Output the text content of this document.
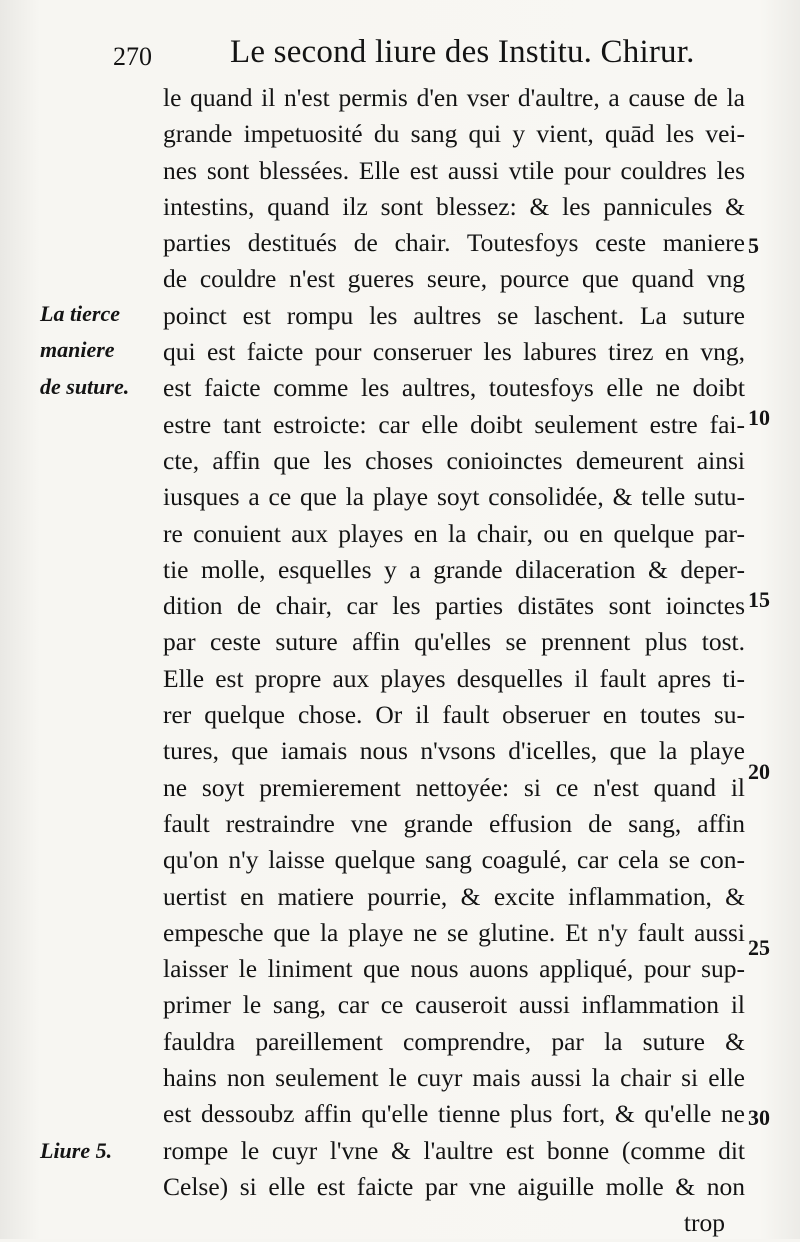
270 Le second liure des Institu. Chirur.
le quand il n'est permis d'en vser d'aultre, a cause de la
grande impetuosité du sang qui y vient, quād les vei-
nes sont blessées. Elle est aussi vtile pour couldres les
intestins, quand ilz sont blessez: & les pannicules &
parties destitués de chair. Toutesfoys ceste maniere
de couldre n'est gueres seure, pource que quand vng
poinct est rompu les aultres se laschent. La suture
qui est faicte pour conseruer les labures tirez en vng,
est faicte comme les aultres, toutesfoys elle ne doibt
estre tant estroicte: car elle doibt seulement estre fai-
cte, affin que les choses conioinctes demeurent ainsi
iusques a ce que la playe soyt consolidée, & telle sutu-
re conuient aux playes en la chair, ou en quelque par-
tie molle, esquelles y a grande dilaceration & deper-
dition de chair, car les parties distātes sont ioinctes
par ceste suture affin qu'elles se prennent plus tost.
Elle est propre aux playes desquelles il fault apres ti-
rer quelque chose. Or il fault obseruer en toutes su-
tures, que iamais nous n'vsons d'icelles, que la playe
ne soyt premierement nettoyée: si ce n'est quand il
fault restraindre vne grande effusion de sang, affin
qu'on n'y laisse quelque sang coagulé, car cela se con-
uertist en matiere pourrie, & excite inflammation, &
empesche que la playe ne se glutine. Et n'y fault aussi
laisser le liniment que nous auons appliqué, pour sup-
primer le sang, car ce causeroit aussi inflammation il
fauldra pareillement comprendre, par la suture &
hains non seulement le cuyr mais aussi la chair si elle
est dessoubz affin qu'elle tienne plus fort, & qu'elle ne
rompe le cuyr l'vne & l'aultre est bonne (comme dit
Celse) si elle est faicte par vne aiguille molle & non
trop
La tierce
maniere
de suture.
Liure 5.
5
10
15
20
25
30
